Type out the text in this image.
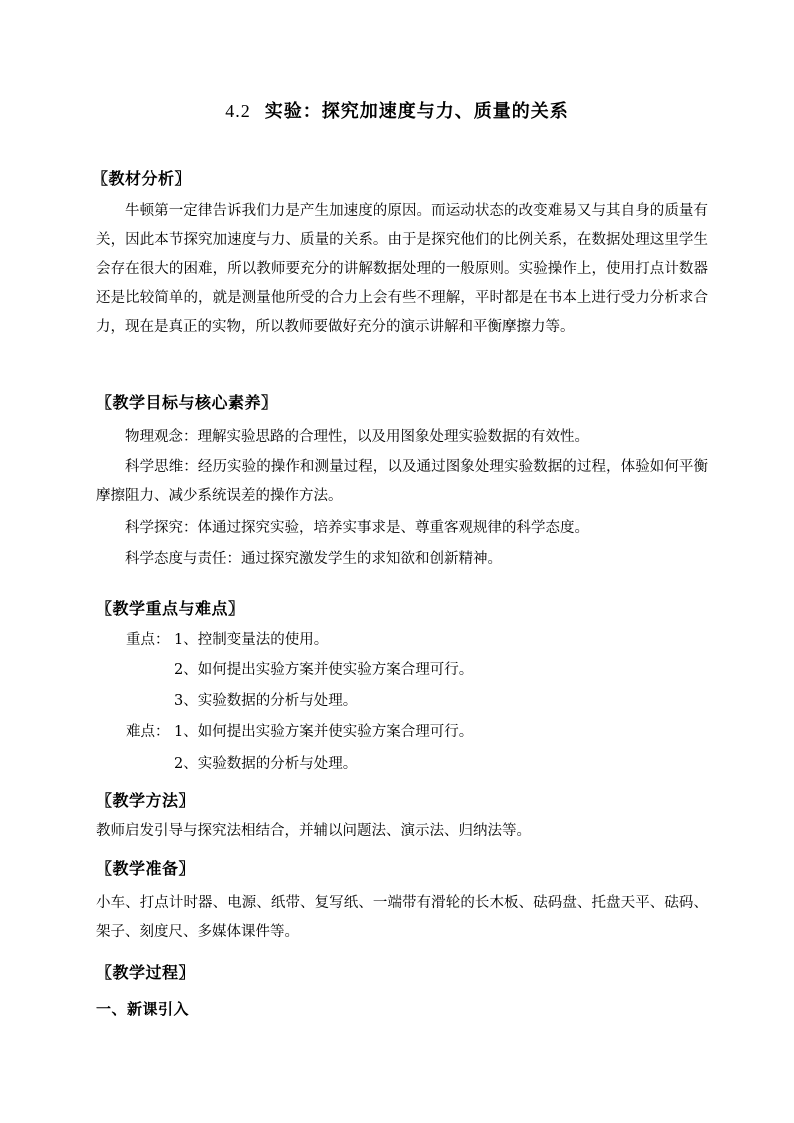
4.2 实验：探究加速度与力、质量的关系
〖教材分析〗
牛顿第一定律告诉我们力是产生加速度的原因。而运动状态的改变难易又与其自身的质量有关，因此本节探究加速度与力、质量的关系。由于是探究他们的比例关系，在数据处理这里学生会存在很大的困难，所以教师要充分的讲解数据处理的一般原则。实验操作上，使用打点计数器还是比较简单的，就是测量他所受的合力上会有些不理解，平时都是在书本上进行受力分析求合力，现在是真正的实物，所以教师要做好充分的演示讲解和平衡摩擦力等。
〖教学目标与核心素养〗
物理观念：理解实验思路的合理性，以及用图象处理实验数据的有效性。
科学思维：经历实验的操作和测量过程，以及通过图象处理实验数据的过程，体验如何平衡摩擦阻力、减少系统误差的操作方法。
科学探究：体通过探究实验，培养实事求是、尊重客观规律的科学态度。
科学态度与责任：通过探究激发学生的求知欲和创新精神。
〖教学重点与难点〗
重点： 1、控制变量法的使用。
2、如何提出实验方案并使实验方案合理可行。
3、实验数据的分析与处理。
难点： 1、如何提出实验方案并使实验方案合理可行。
2、实验数据的分析与处理。
〖教学方法〗
教师启发引导与探究法相结合，并辅以问题法、演示法、归纳法等。
〖教学准备〗
小车、打点计时器、电源、纸带、复写纸、一端带有滑轮的长木板、砝码盘、托盘天平、砝码、架子、刻度尺、多媒体课件等。
〖教学过程〗
一、新课引入
